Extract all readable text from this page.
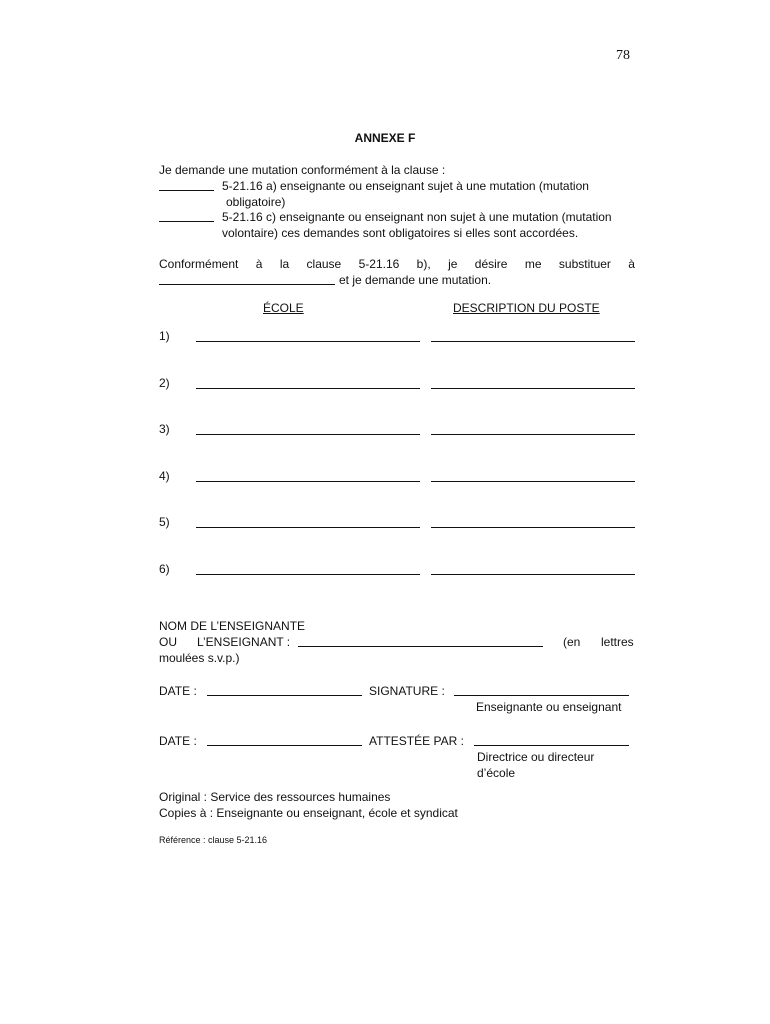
78
ANNEXE F
Je demande une mutation conformément à la clause :
5-21.16 a) enseignante ou enseignant sujet à une mutation (mutation
obligatoire)
5-21.16 c) enseignante ou enseignant non sujet à une mutation (mutation
volontaire) ces demandes sont obligatoires si elles sont accordées.
Conformément à la clause 5-21.16 b), je désire me substituer à
et je demande une mutation.
ÉCOLE	DESCRIPTION DU POSTE
1)
2)
3)
4)
5)
6)
NOM DE L’ENSEIGNANTE
OU L’ENSEIGNANT :	(en lettres
moulées s.v.p.)
DATE :	SIGNATURE :
Enseignante ou enseignant
DATE :	ATTESTÉE PAR :
Directrice ou directeur
d’école
Original : Service des ressources humaines
Copies à : Enseignante ou enseignant, école et syndicat
Référence : clause 5-21.16
